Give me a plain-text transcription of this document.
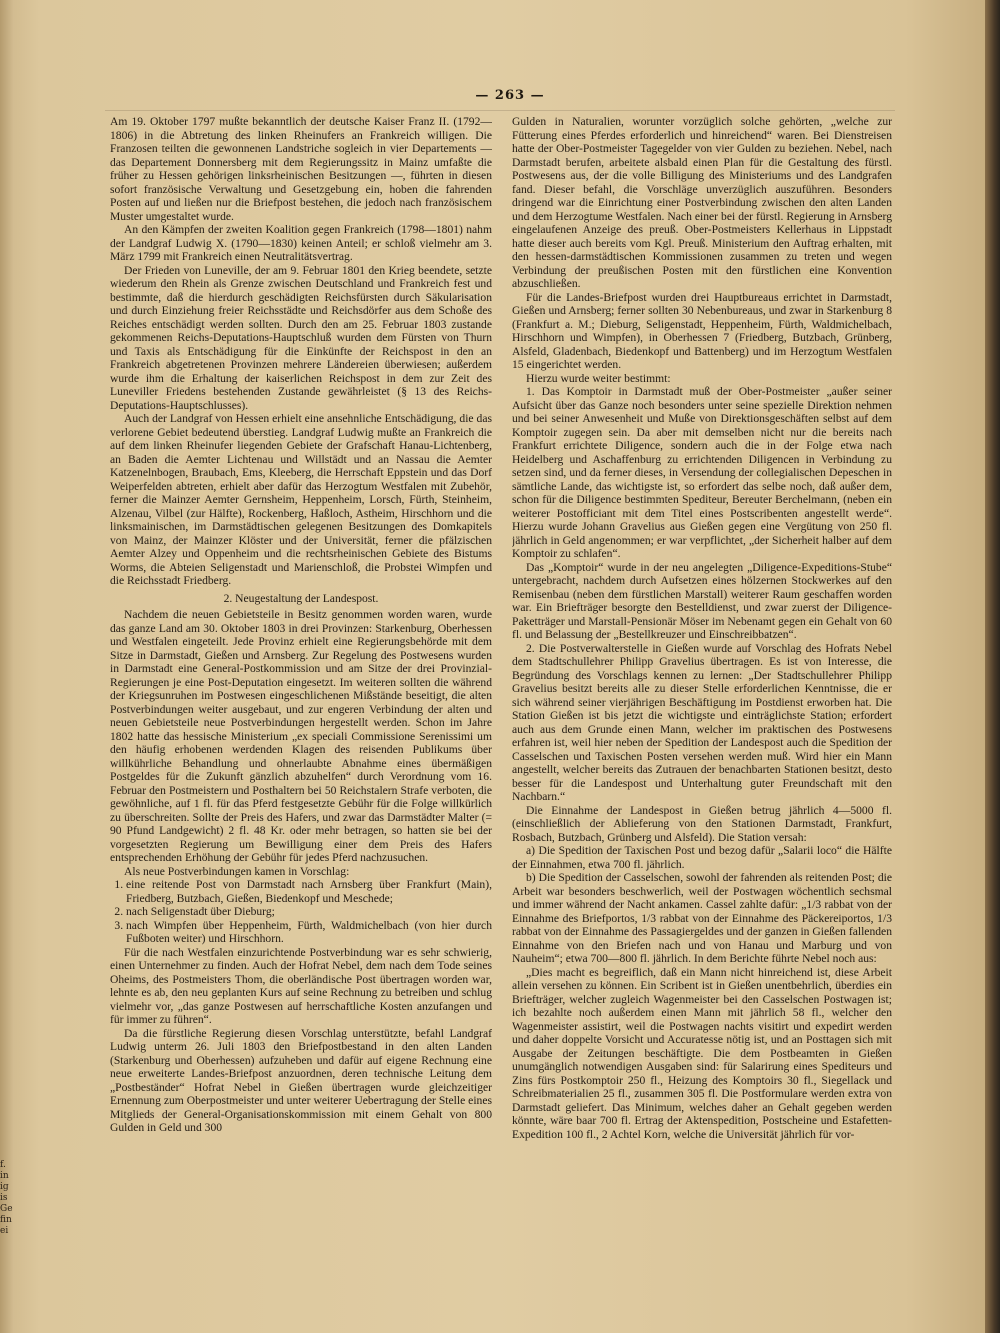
f.
in
ig
is
Ge
fin
ei
— 263 —

Am 19. Oktober 1797 mußte bekanntlich der deutsche Kaiser Franz II. (1792—1806) in die Abtretung des linken Rheinufers an Frankreich willigen. Die Franzosen teilten die gewonnenen Landstriche sogleich in vier Departements — das Departement Donnersberg mit dem Regierungssitz in Mainz umfaßte die früher zu Hessen gehörigen linksrheinischen Besitzungen —, führten in diesen sofort französische Verwaltung und Gesetzgebung ein, hoben die fahrenden Posten auf und ließen nur die Briefpost bestehen, die jedoch nach französischem Muster umgestaltet wurde.

An den Kämpfen der zweiten Koalition gegen Frankreich (1798—1801) nahm der Landgraf Ludwig X. (1790—1830) keinen Anteil; er schloß vielmehr am 3. März 1799 mit Frankreich einen Neutralitätsvertrag.

Der Frieden von Luneville, der am 9. Februar 1801 den Krieg beendete, setzte wiederum den Rhein als Grenze zwischen Deutschland und Frankreich fest und bestimmte, daß die hierdurch geschädigten Reichsfürsten durch Säkularisation und durch Einziehung freier Reichsstädte und Reichsdörfer aus dem Schoße des Reiches entschädigt werden sollten. Durch den am 25. Februar 1803 zustande gekommenen Reichs-Deputations-Hauptschluß wurden dem Fürsten von Thurn und Taxis als Entschädigung für die Einkünfte der Reichspost in den an Frankreich abgetretenen Provinzen mehrere Ländereien überwiesen; außerdem wurde ihm die Erhaltung der kaiserlichen Reichspost in dem zur Zeit des Luneviller Friedens bestehenden Zustande gewährleistet (§ 13 des Reichs-Deputations-Hauptschlusses).

Auch der Landgraf von Hessen erhielt eine ansehnliche Entschädigung, die das verlorene Gebiet bedeutend überstieg. Landgraf Ludwig mußte an Frankreich die auf dem linken Rheinufer liegenden Gebiete der Grafschaft Hanau-Lichtenberg, an Baden die Aemter Lichtenau und Willstädt und an Nassau die Aemter Katzenelnbogen, Braubach, Ems, Kleeberg, die Herrschaft Eppstein und das Dorf Weiperfelden abtreten, erhielt aber dafür das Herzogtum Westfalen mit Zubehör, ferner die Mainzer Aemter Gernsheim, Heppenheim, Lorsch, Fürth, Steinheim, Alzenau, Vilbel (zur Hälfte), Rockenberg, Haßloch, Astheim, Hirschhorn und die linksmainischen, im Darmstädtischen gelegenen Besitzungen des Domkapitels von Mainz, der Mainzer Klöster und der Universität, ferner die pfälzischen Aemter Alzey und Oppenheim und die rechtsrheinischen Gebiete des Bistums Worms, die Abteien Seligenstadt und Marienschloß, die Probstei Wimpfen und die Reichsstadt Friedberg.

2. Neugestaltung der Landespost.

Nachdem die neuen Gebietsteile in Besitz genommen worden waren, wurde das ganze Land am 30. Oktober 1803 in drei Provinzen: Starkenburg, Oberhessen und Westfalen eingeteilt. Jede Provinz erhielt eine Regierungsbehörde mit dem Sitze in Darmstadt, Gießen und Arnsberg. Zur Regelung des Postwesens wurden in Darmstadt eine General-Postkommission und am Sitze der drei Provinzial-Regierungen je eine Post-Deputation eingesetzt. Im weiteren sollten die während der Kriegsunruhen im Postwesen eingeschlichenen Mißstände beseitigt, die alten Postverbindungen weiter ausgebaut, und zur engeren Verbindung der alten und neuen Gebietsteile neue Postverbindungen hergestellt werden. Schon im Jahre 1802 hatte das hessische Ministerium „ex speciali Commissione Serenissimi um den häufig erhobenen werdenden Klagen des reisenden Publikums über willkührliche Behandlung und ohnerlaubte Abnahme eines übermäßigen Postgeldes für die Zukunft gänzlich abzuhelfen“ durch Verordnung vom 16. Februar den Postmeistern und Posthaltern bei 50 Reichstalern Strafe verboten, die gewöhnliche, auf 1 fl. für das Pferd festgesetzte Gebühr für die Folge willkürlich zu überschreiten. Sollte der Preis des Hafers, und zwar das Darmstädter Malter (= 90 Pfund Landgewicht) 2 fl. 48 Kr. oder mehr betragen, so hatten sie bei der vorgesetzten Regierung um Bewilligung einer dem Preis des Hafers entsprechenden Erhöhung der Gebühr für jedes Pferd nachzusuchen.

Als neue Postverbindungen kamen in Vorschlag:

1. eine reitende Post von Darmstadt nach Arnsberg über Frankfurt (Main), Friedberg, Butzbach, Gießen, Biedenkopf und Meschede;
2. nach Seligenstadt über Dieburg;
3. nach Wimpfen über Heppenheim, Fürth, Waldmichelbach (von hier durch Fußboten weiter) und Hirschhorn.

Für die nach Westfalen einzurichtende Postverbindung war es sehr schwierig, einen Unternehmer zu finden. Auch der Hofrat Nebel, dem nach dem Tode seines Oheims, des Postmeisters Thom, die oberländische Post übertragen worden war, lehnte es ab, den neu geplanten Kurs auf seine Rechnung zu betreiben und schlug vielmehr vor, „das ganze Postwesen auf herrschaftliche Kosten anzufangen und für immer zu führen“.

Da die fürstliche Regierung diesen Vorschlag unterstützte, befahl Landgraf Ludwig unterm 26. Juli 1803 den Briefpostbestand in den alten Landen (Starkenburg und Oberhessen) aufzuheben und dafür auf eigene Rechnung eine neue erweiterte Landes-Briefpost anzuordnen, deren technische Leitung dem „Postbeständer“ Hofrat Nebel in Gießen übertragen wurde gleichzeitiger Ernennung zum Oberpostmeister und unter weiterer Uebertragung der Stelle eines Mitglieds der General-Organisationskommission mit einem Gehalt von 800 Gulden in Geld und 300

Gulden in Naturalien, worunter vorzüglich solche gehörten, „welche zur Fütterung eines Pferdes erforderlich und hinreichend“ waren. Bei Dienstreisen hatte der Ober-Postmeister Tagegelder von vier Gulden zu beziehen. Nebel, nach Darmstadt berufen, arbeitete alsbald einen Plan für die Gestaltung des fürstl. Postwesens aus, der die volle Billigung des Ministeriums und des Landgrafen fand. Dieser befahl, die Vorschläge unverzüglich auszuführen. Besonders dringend war die Einrichtung einer Postverbindung zwischen den alten Landen und dem Herzogtume Westfalen. Nach einer bei der fürstl. Regierung in Arnsberg eingelaufenen Anzeige des preuß. Ober-Postmeisters Kellerhaus in Lippstadt hatte dieser auch bereits vom Kgl. Preuß. Ministerium den Auftrag erhalten, mit den hessen-darmstädtischen Kommissionen zusammen zu treten und wegen Verbindung der preußischen Posten mit den fürstlichen eine Konvention abzuschließen.

Für die Landes-Briefpost wurden drei Hauptbureaus errichtet in Darmstadt, Gießen und Arnsberg; ferner sollten 30 Nebenbureaus, und zwar in Starkenburg 8 (Frankfurt a. M.; Dieburg, Seligenstadt, Heppenheim, Fürth, Waldmichelbach, Hirschhorn und Wimpfen), in Oberhessen 7 (Friedberg, Butzbach, Grünberg, Alsfeld, Gladenbach, Biedenkopf und Battenberg) und im Herzogtum Westfalen 15 eingerichtet werden.

Hierzu wurde weiter bestimmt:

1. Das Komptoir in Darmstadt muß der Ober-Postmeister „außer seiner Aufsicht über das Ganze noch besonders unter seine spezielle Direktion nehmen und bei seiner Anwesenheit und Muße von Direktionsgeschäften selbst auf dem Komptoir zugegen sein. Da aber mit demselben nicht nur die bereits nach Frankfurt errichtete Diligence, sondern auch die in der Folge etwa nach Heidelberg und Aschaffenburg zu errichtenden Diligencen in Verbindung zu setzen sind, und da ferner dieses, in Versendung der collegialischen Depeschen in sämtliche Lande, das wichtigste ist, so erfordert das selbe noch, daß außer dem, schon für die Diligence bestimmten Spediteur, Bereuter Berchelmann, (neben ein weiterer Postofficiant mit dem Titel eines Postscribenten angestellt werde“. Hierzu wurde Johann Gravelius aus Gießen gegen eine Vergütung von 250 fl. jährlich in Geld angenommen; er war verpflichtet, „der Sicherheit halber auf dem Komptoir zu schlafen“.

Das „Komptoir“ wurde in der neu angelegten „Diligence-Expeditions-Stube“ untergebracht, nachdem durch Aufsetzen eines hölzernen Stockwerkes auf den Remisenbau (neben dem fürstlichen Marstall) weiterer Raum geschaffen worden war. Ein Briefträger besorgte den Bestelldienst, und zwar zuerst der Diligence-Paketträger und Marstall-Pensionär Möser im Nebenamt gegen ein Gehalt von 60 fl. und Belassung der „Bestellkreuzer und Einschreibbatzen“.

2. Die Postverwalterstelle in Gießen wurde auf Vorschlag des Hofrats Nebel dem Stadtschullehrer Philipp Gravelius übertragen. Es ist von Interesse, die Begründung des Vorschlags kennen zu lernen: „Der Stadtschullehrer Philipp Gravelius besitzt bereits alle zu dieser Stelle erforderlichen Kenntnisse, die er sich während seiner vierjährigen Beschäftigung im Postdienst erworben hat. Die Station Gießen ist bis jetzt die wichtigste und einträglichste Station; erfordert auch aus dem Grunde einen Mann, welcher im praktischen des Postwesens erfahren ist, weil hier neben der Spedition der Landespost auch die Spedition der Casselschen und Taxischen Posten versehen werden muß. Wird hier ein Mann angestellt, welcher bereits das Zutrauen der benachbarten Stationen besitzt, desto besser für die Landespost und Unterhaltung guter Freundschaft mit den Nachbarn.“

Die Einnahme der Landespost in Gießen betrug jährlich 4—5000 fl. (einschließlich der Ablieferung von den Stationen Darmstadt, Frankfurt, Rosbach, Butzbach, Grünberg und Alsfeld). Die Station versah:

a) Die Spedition der Taxischen Post und bezog dafür „Salarii loco“ die Hälfte der Einnahmen, etwa 700 fl. jährlich.

b) Die Spedition der Casselschen, sowohl der fahrenden als reitenden Post; die Arbeit war besonders beschwerlich, weil der Postwagen wöchentlich sechsmal und immer während der Nacht ankamen. Cassel zahlte dafür: „1/3 rabbat von der Einnahme des Briefportos, 1/3 rabbat von der Einnahme des Päckereiportos, 1/3 rabbat von der Einnahme des Passagiergeldes und der ganzen in Gießen fallenden Einnahme von den Briefen nach und von Hanau und Marburg und von Nauheim“; etwa 700—800 fl. jährlich. In dem Berichte führte Nebel noch aus:

„Dies macht es begreiflich, daß ein Mann nicht hinreichend ist, diese Arbeit allein versehen zu können. Ein Scribent ist in Gießen unentbehrlich, überdies ein Briefträger, welcher zugleich Wagenmeister bei den Casselschen Postwagen ist; ich bezahlte noch außerdem einen Mann mit jährlich 58 fl., welcher den Wagenmeister assistirt, weil die Postwagen nachts visitirt und expedirt werden und daher doppelte Vorsicht und Accuratesse nötig ist, und an Posttagen sich mit Ausgabe der Zeitungen beschäftigte. Die dem Postbeamten in Gießen unumgänglich notwendigen Ausgaben sind: für Salarirung eines Spediteurs und Zins fürs Postkomptoir 250 fl., Heizung des Komptoirs 30 fl., Siegellack und Schreibmaterialien 25 fl., zusammen 305 fl. Die Postformulare werden extra von Darmstadt geliefert. Das Minimum, welches daher an Gehalt gegeben werden könnte, wäre baar 700 fl. Ertrag der Aktenspedition, Postscheine und Estafetten-Expedition 100 fl., 2 Achtel Korn, welche die Universität jährlich für vor-
